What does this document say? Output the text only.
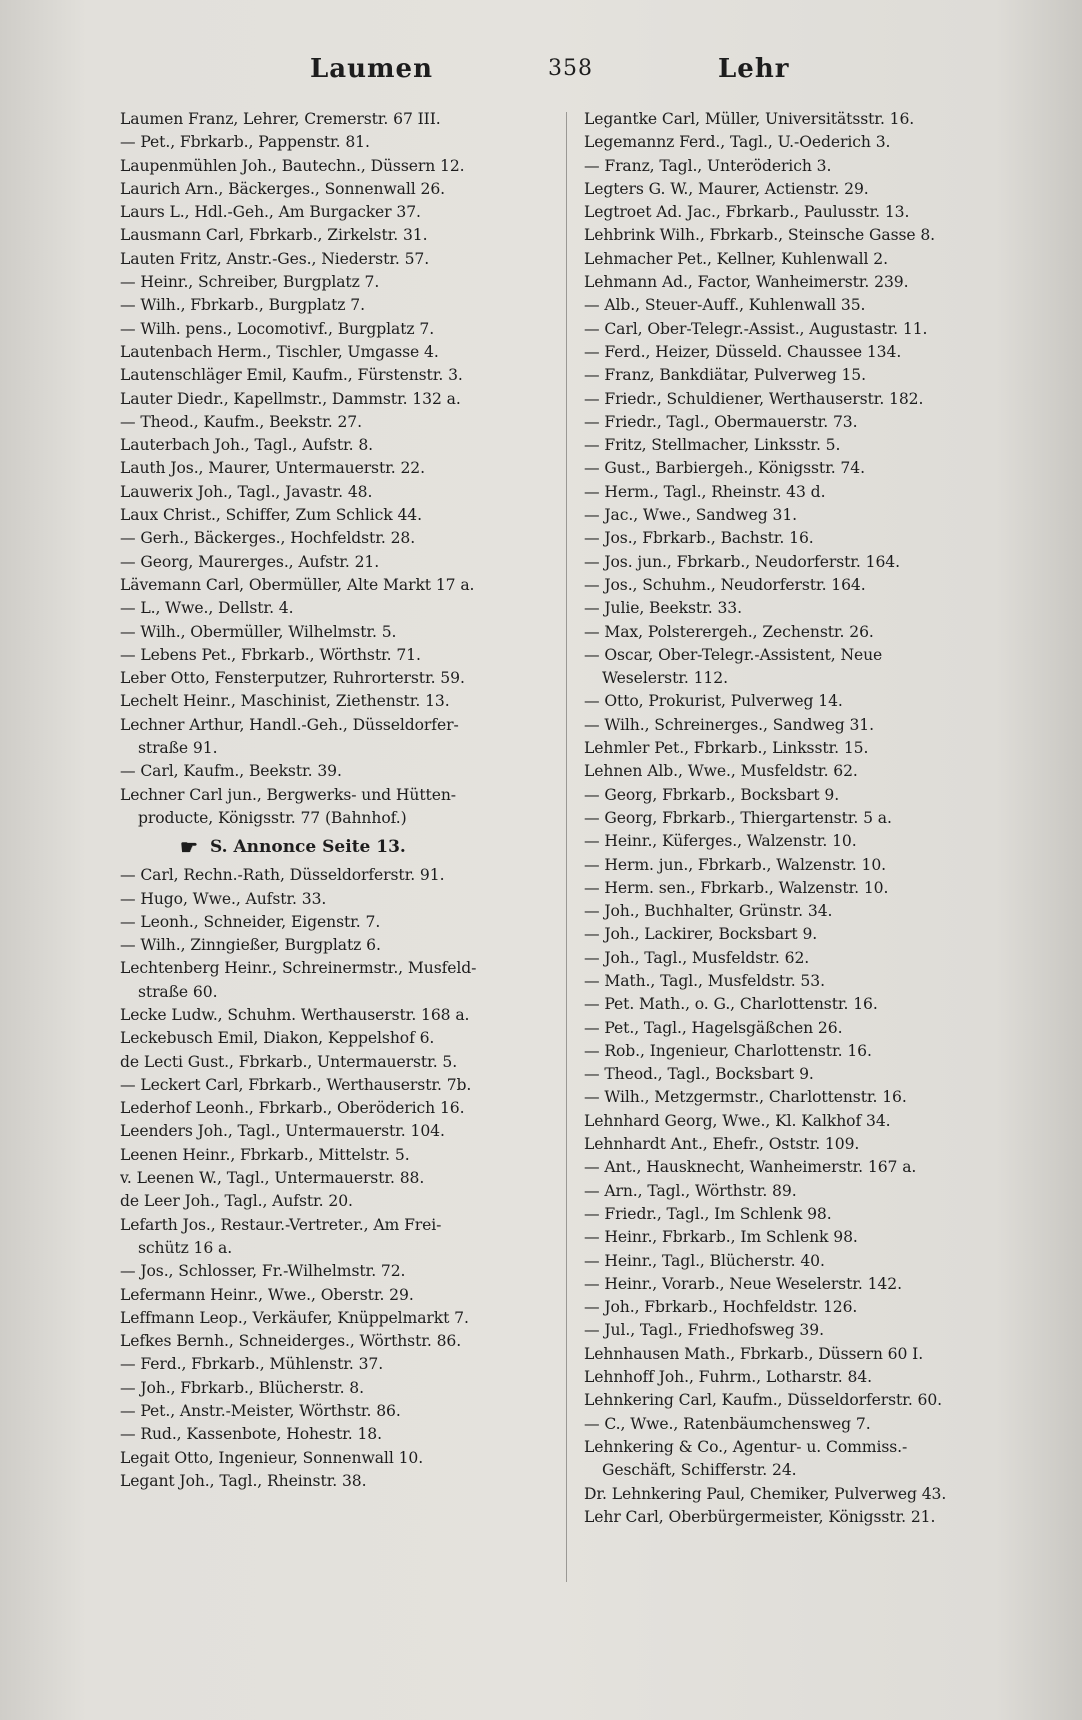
Laumen	358	Lehr
Laumen Franz, Lehrer, Cremerstr. 67 III.
— Pet., Fbrkarb., Pappenstr. 81.
Laupenmühlen Joh., Bautechn., Düssern 12.
Laurich Arn., Bäckerges., Sonnenwall 26.
Laurs L., Hdl.-Geh., Am Burgacker 37.
Lausmann Carl, Fbrkarb., Zirkelstr. 31.
Lauten Fritz, Anstr.-Ges., Niederstr. 57.
— Heinr., Schreiber, Burgplatz 7.
— Wilh., Fbrkarb., Burgplatz 7.
— Wilh. pens., Locomotivf., Burgplatz 7.
Lautenbach Herm., Tischler, Umgasse 4.
Lautenschläger Emil, Kaufm., Fürstenstr. 3.
Lauter Diedr., Kapellmstr., Dammstr. 132 a.
— Theod., Kaufm., Beekstr. 27.
Lauterbach Joh., Tagl., Aufstr. 8.
Lauth Jos., Maurer, Untermauerstr. 22.
Lauwerix Joh., Tagl., Javastr. 48.
Laux Christ., Schiffer, Zum Schlick 44.
— Gerh., Bäckerges., Hochfeldstr. 28.
— Georg, Maurerges., Aufstr. 21.
Lävemann Carl, Obermüller, Alte Markt 17 a.
— L., Wwe., Dellstr. 4.
— Wilh., Obermüller, Wilhelmstr. 5.
— Lebens Pet., Fbrkarb., Wörthstr. 71.
Leber Otto, Fensterputzer, Ruhrorterstr. 59.
Lechelt Heinr., Maschinist, Ziethenstr. 13.
Lechner Arthur, Handl.-Geh., Düsseldorfer-
straße 91.
— Carl, Kaufm., Beekstr. 39.
Lechner Carl jun., Bergwerks- und Hütten-
producte, Königsstr. 77 (Bahnhof.)
☛ S. Annonce Seite 13.
— Carl, Rechn.-Rath, Düsseldorferstr. 91.
— Hugo, Wwe., Aufstr. 33.
— Leonh., Schneider, Eigenstr. 7.
— Wilh., Zinngießer, Burgplatz 6.
Lechtenberg Heinr., Schreinermstr., Musfeld-
straße 60.
Lecke Ludw., Schuhm. Werthauserstr. 168 a.
Leckebusch Emil, Diakon, Keppelshof 6.
de Lecti Gust., Fbrkarb., Untermauerstr. 5.
— Leckert Carl, Fbrkarb., Werthauserstr. 7b.
Lederhof Leonh., Fbrkarb., Oberöderich 16.
Leenders Joh., Tagl., Untermauerstr. 104.
Leenen Heinr., Fbrkarb., Mittelstr. 5.
v. Leenen W., Tagl., Untermauerstr. 88.
de Leer Joh., Tagl., Aufstr. 20.
Lefarth Jos., Restaur.-Vertreter., Am Frei-
schütz 16 a.
— Jos., Schlosser, Fr.-Wilhelmstr. 72.
Lefermann Heinr., Wwe., Oberstr. 29.
Leffmann Leop., Verkäufer, Knüppelmarkt 7.
Lefkes Bernh., Schneiderges., Wörthstr. 86.
— Ferd., Fbrkarb., Mühlenstr. 37.
— Joh., Fbrkarb., Blücherstr. 8.
— Pet., Anstr.-Meister, Wörthstr. 86.
— Rud., Kassenbote, Hohestr. 18.
Legait Otto, Ingenieur, Sonnenwall 10.
Legant Joh., Tagl., Rheinstr. 38.
Legantke Carl, Müller, Universitätsstr. 16.
Legemannz Ferd., Tagl., U.-Oederich 3.
— Franz, Tagl., Unteröderich 3.
Legters G. W., Maurer, Actienstr. 29.
Legtroet Ad. Jac., Fbrkarb., Paulusstr. 13.
Lehbrink Wilh., Fbrkarb., Steinsche Gasse 8.
Lehmacher Pet., Kellner, Kuhlenwall 2.
Lehmann Ad., Factor, Wanheimerstr. 239.
— Alb., Steuer-Auff., Kuhlenwall 35.
— Carl, Ober-Telegr.-Assist., Augustastr. 11.
— Ferd., Heizer, Düsseld. Chaussee 134.
— Franz, Bankdiätar, Pulverweg 15.
— Friedr., Schuldiener, Werthauserstr. 182.
— Friedr., Tagl., Obermauerstr. 73.
— Fritz, Stellmacher, Linksstr. 5.
— Gust., Barbiergeh., Königsstr. 74.
— Herm., Tagl., Rheinstr. 43 d.
— Jac., Wwe., Sandweg 31.
— Jos., Fbrkarb., Bachstr. 16.
— Jos. jun., Fbrkarb., Neudorferstr. 164.
— Jos., Schuhm., Neudorferstr. 164.
— Julie, Beekstr. 33.
— Max, Polsterergeh., Zechenstr. 26.
— Oscar, Ober-Telegr.-Assistent, Neue
Weselerstr. 112.
— Otto, Prokurist, Pulverweg 14.
— Wilh., Schreinerges., Sandweg 31.
Lehmler Pet., Fbrkarb., Linksstr. 15.
Lehnen Alb., Wwe., Musfeldstr. 62.
— Georg, Fbrkarb., Bocksbart 9.
— Georg, Fbrkarb., Thiergartenstr. 5 a.
— Heinr., Küferges., Walzenstr. 10.
— Herm. jun., Fbrkarb., Walzenstr. 10.
— Herm. sen., Fbrkarb., Walzenstr. 10.
— Joh., Buchhalter, Grünstr. 34.
— Joh., Lackirer, Bocksbart 9.
— Joh., Tagl., Musfeldstr. 62.
— Math., Tagl., Musfeldstr. 53.
— Pet. Math., o. G., Charlottenstr. 16.
— Pet., Tagl., Hagelsgäßchen 26.
— Rob., Ingenieur, Charlottenstr. 16.
— Theod., Tagl., Bocksbart 9.
— Wilh., Metzgermstr., Charlottenstr. 16.
Lehnhard Georg, Wwe., Kl. Kalkhof 34.
Lehnhardt Ant., Ehefr., Oststr. 109.
— Ant., Hausknecht, Wanheimerstr. 167 a.
— Arn., Tagl., Wörthstr. 89.
— Friedr., Tagl., Im Schlenk 98.
— Heinr., Fbrkarb., Im Schlenk 98.
— Heinr., Tagl., Blücherstr. 40.
— Heinr., Vorarb., Neue Weselerstr. 142.
— Joh., Fbrkarb., Hochfeldstr. 126.
— Jul., Tagl., Friedhofsweg 39.
Lehnhausen Math., Fbrkarb., Düssern 60 I.
Lehnhoff Joh., Fuhrm., Lotharstr. 84.
Lehnkering Carl, Kaufm., Düsseldorferstr. 60.
— C., Wwe., Ratenbäumchensweg 7.
Lehnkering & Co., Agentur- u. Commiss.-
Geschäft, Schifferstr. 24.
Dr. Lehnkering Paul, Chemiker, Pulverweg 43.
Lehr Carl, Oberbürgermeister, Königsstr. 21.
